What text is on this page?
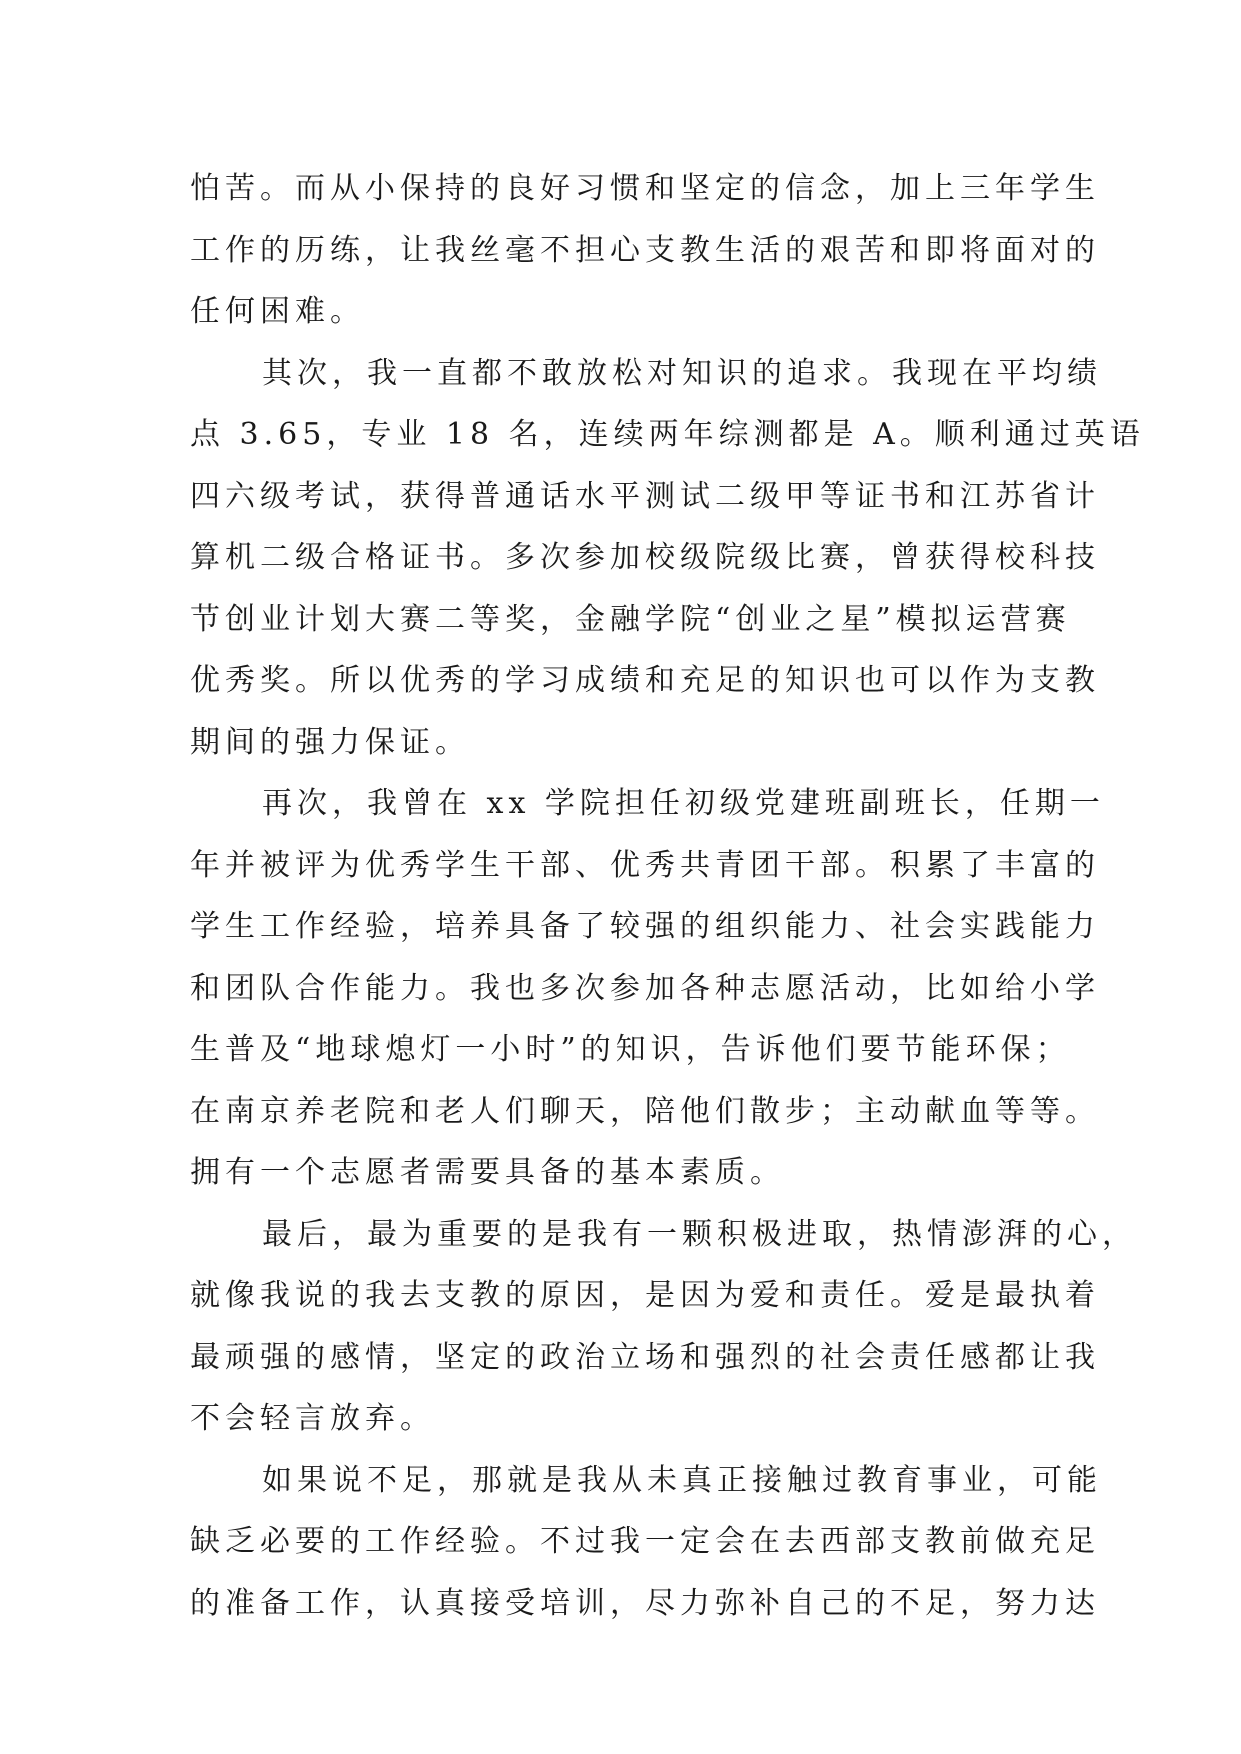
怕苦。而从小保持的良好习惯和坚定的信念，加上三年学生
工作的历练，让我丝毫不担心支教生活的艰苦和即将面对的
任何困难。
其次，我一直都不敢放松对知识的追求。我现在平均绩
点 3.65，专业 18 名，连续两年综测都是 A。顺利通过英语
四六级考试，获得普通话水平测试二级甲等证书和江苏省计
算机二级合格证书。多次参加校级院级比赛，曾获得校科技
节创业计划大赛二等奖，金融学院“创业之星”模拟运营赛
优秀奖。所以优秀的学习成绩和充足的知识也可以作为支教
期间的强力保证。
再次，我曾在 xx 学院担任初级党建班副班长，任期一
年并被评为优秀学生干部、优秀共青团干部。积累了丰富的
学生工作经验，培养具备了较强的组织能力、社会实践能力
和团队合作能力。我也多次参加各种志愿活动，比如给小学
生普及“地球熄灯一小时”的知识，告诉他们要节能环保；
在南京养老院和老人们聊天，陪他们散步；主动献血等等。
拥有一个志愿者需要具备的基本素质。
最后，最为重要的是我有一颗积极进取，热情澎湃的心，
就像我说的我去支教的原因，是因为爱和责任。爱是最执着
最顽强的感情，坚定的政治立场和强烈的社会责任感都让我
不会轻言放弃。
如果说不足，那就是我从未真正接触过教育事业，可能
缺乏必要的工作经验。不过我一定会在去西部支教前做充足
的准备工作，认真接受培训，尽力弥补自己的不足，努力达
